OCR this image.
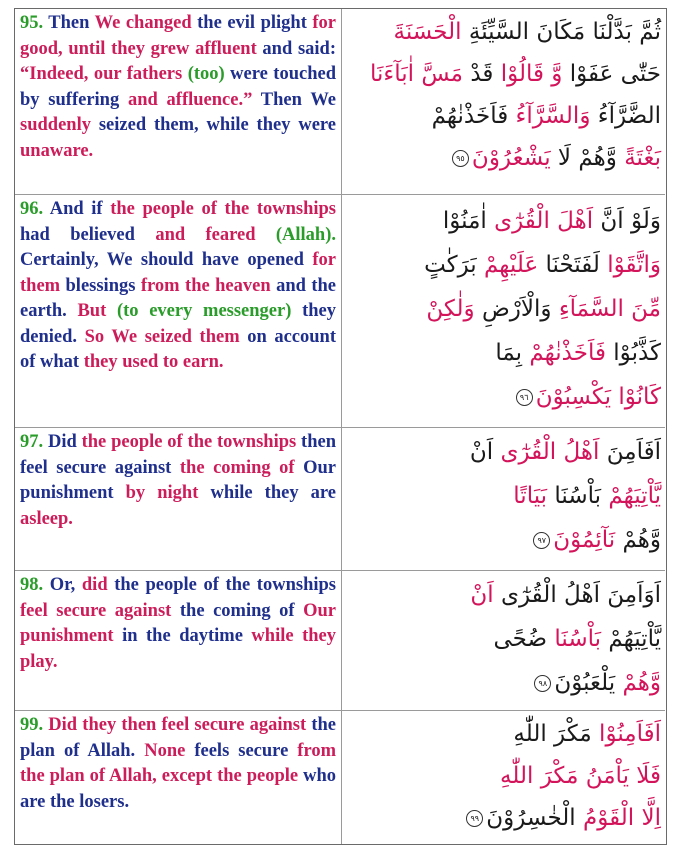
95. Then We changed the evil plight for good, until they grew affluent and said: “Indeed, our fathers (too) were touched by suffering and affluence.” Then We suddenly seized them, while they were unaware.
ثُمَّ بَدَّلْنَا مَكَانَ السَّيِّئَةِ الْحَسَنَةَ
حَتّٰى عَفَوْا وَّ قَالُوْا قَدْ مَسَّ اٰبَآءَنَا
الضَّرَّآءُ وَالسَّرَّآءُ فَاَخَذْنٰهُمْ
بَغْتَةً وَّهُمْ لَا يَشْعُرُوْنَ٩٥
96. And if the people of the townships had believed and feared (Allah). Certainly, We should have opened for them blessings from the heaven and the earth. But (to every messenger) they denied. So We seized them on account of what they used to earn.
وَلَوْ اَنَّ اَهْلَ الْقُرٰٓى اٰمَنُوْا
وَاتَّقَوْا لَفَتَحْنَا عَلَيْهِمْ بَرَكٰتٍ
مِّنَ السَّمَآءِ وَالْاَرْضِ وَلٰكِنْ
كَذَّبُوْا فَاَخَذْنٰهُمْ بِمَا
كَانُوْا يَكْسِبُوْنَ٩٦
97. Did the people of the townships then feel secure against the coming of Our punishment by night while they are asleep.
اَفَاَمِنَ اَهْلُ الْقُرٰٓى اَنْ
يَّاْتِيَهُمْ بَاْسُنَا بَيَاتًا
وَّهُمْ نَآئِمُوْنَ٩٧
98. Or, did the people of the townships feel secure against the coming of Our punishment in the daytime while they play.
اَوَاَمِنَ اَهْلُ الْقُرٰٓى اَنْ
يَّاْتِيَهُمْ بَاْسُنَا ضُحًى
وَّهُمْ يَلْعَبُوْنَ٩٨
99. Did they then feel secure against the plan of Allah. None feels secure from the plan of Allah, except the people who are the losers.
اَفَاَمِنُوْا مَكْرَ اللّٰهِ
فَلَا يَاْمَنُ مَكْرَ اللّٰهِ
اِلَّا الْقَوْمُ الْخٰسِرُوْنَ٩٩
